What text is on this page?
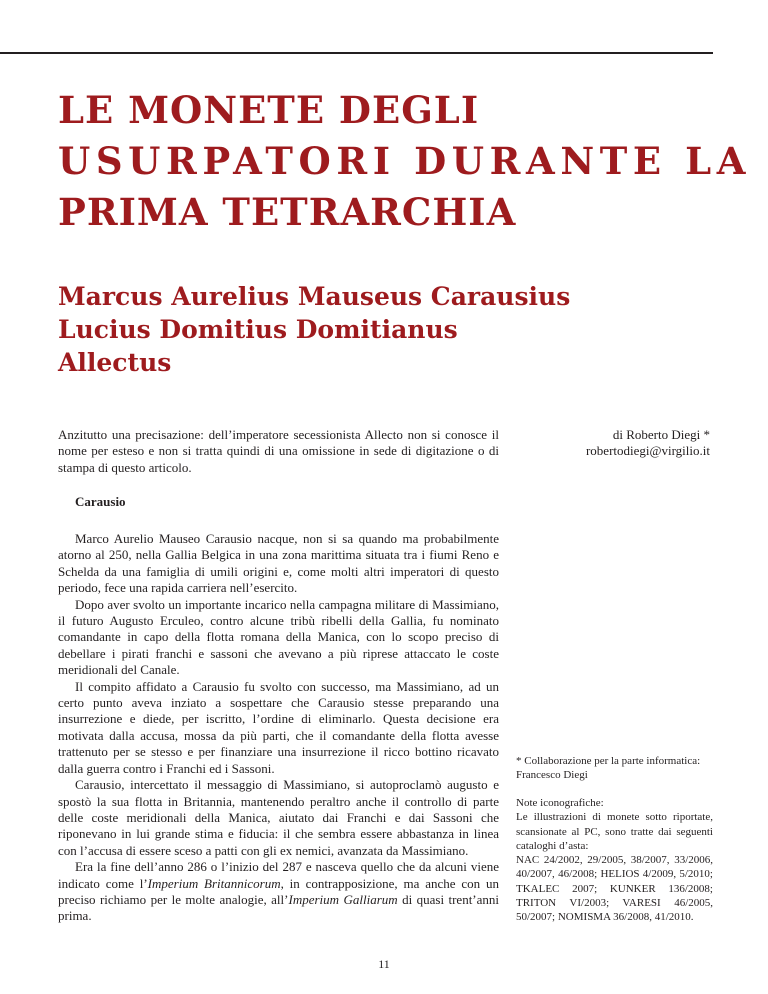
LE MONETE DEGLI
USURPATORI DURANTE LA
PRIMA TETRARCHIA
Marcus Aurelius Mauseus Carausius
Lucius Domitius Domitianus
Allectus
Anzitutto una precisazione: dell’imperatore secessionista Allecto non si conosce il nome per esteso e non si tratta quindi di una omissione in sede di digitazione o di stampa di questo articolo.
di Roberto Diegi *
robertodiegi@virgilio.it
Carausio

Marco Aurelio Mauseo Carausio nacque, non si sa quando ma probabilmente atorno al 250, nella Gallia Belgica in una zona marittima situata tra i fiumi Reno e Schelda da una famiglia di umili origini e, come molti altri imperatori di questo periodo, fece una rapida carriera nell’esercito.

Dopo aver svolto un importante incarico nella campagna militare di Massimiano, il futuro Augusto Erculeo, contro alcune tribù ribelli della Gallia, fu nominato comandante in capo della flotta romana della Manica, con lo scopo preciso di debellare i pirati franchi e sassoni che avevano a più riprese attaccato le coste meridionali del Canale.

Il compito affidato a Carausio fu svolto con successo, ma Massimiano, ad un certo punto aveva inziato a sospettare che Carausio stesse preparando una insurrezione e diede, per iscritto, l’ordine di eliminarlo. Questa decisione era motivata dalla accusa, mossa da più parti, che il comandante della flotta avesse trattenuto per se stesso e per finanziare una insurrezione il ricco bottino ricavato dalla guerra contro i Franchi ed i Sassoni.

Carausio, intercettato il messaggio di Massimiano, si autoproclamò augusto e spostò la sua flotta in Britannia, mantenendo peraltro anche il controllo di parte delle coste meridionali della Manica, aiutato dai Franchi e dai Sassoni che riponevano in lui grande stima e fiducia: il che sembra essere abbastanza in linea con l’accusa di essere sceso a patti con gli ex nemici, avanzata da Massimiano.

Era la fine dell’anno 286 o l’inizio del 287 e nasceva quello che da alcuni viene indicato come l’Imperium Britannicorum, in contrapposizione, ma anche con un preciso richiamo per le molte analogie, all’Imperium Galliarum di quasi trent’anni prima.

* Collaborazione per la parte informatica:
Francesco Diegi
Note iconografiche:
Le illustrazioni di monete sotto riportate, scansionate al PC, sono tratte dai seguenti cataloghi d’asta:
NAC 24/2002, 29/2005, 38/2007, 33/2006, 40/2007, 46/2008; HELIOS 4/2009, 5/2010; TKALEC 2007; KUNKER 136/2008; TRITON VI/2003; VARESI 46/2005, 50/2007; NOMISMA 36/2008, 41/2010.
11
